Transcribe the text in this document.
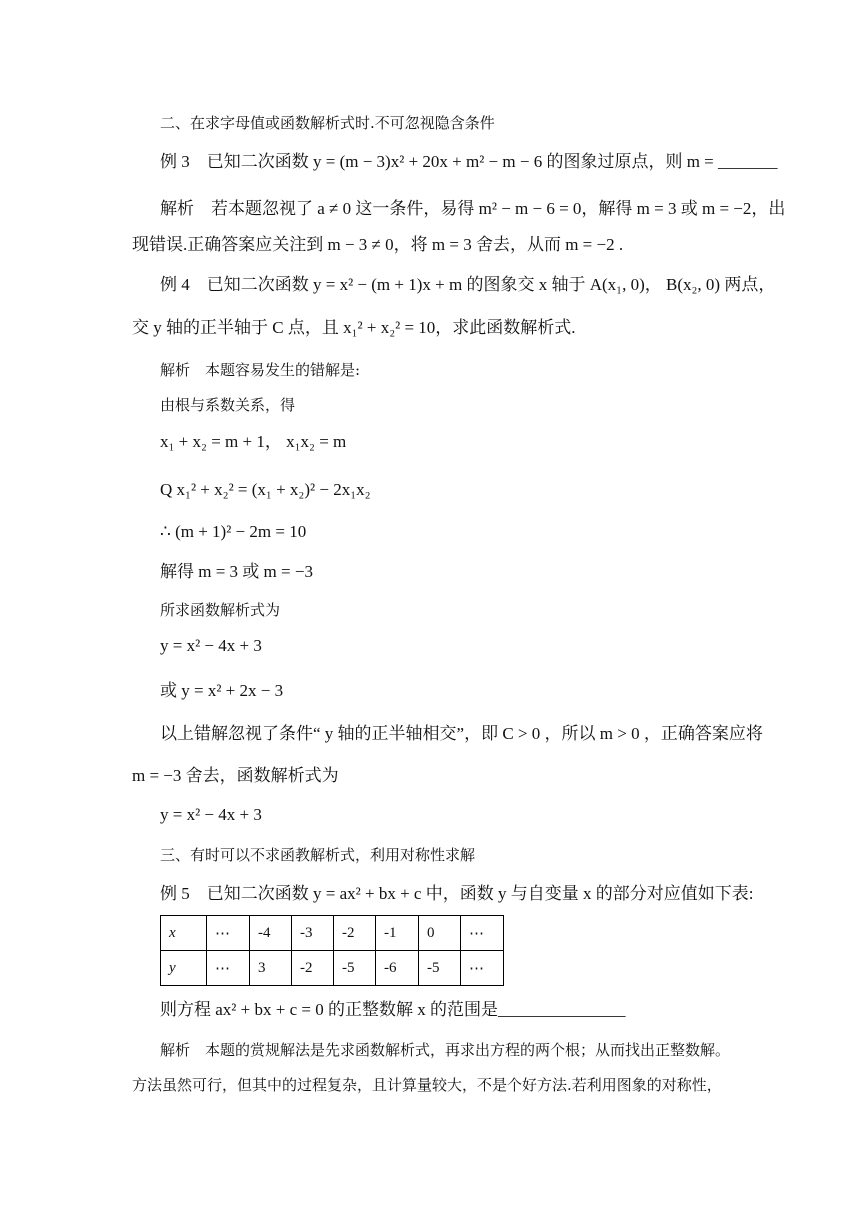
二、在求字母值或函数解析式时.不可忽视隐含条件
例 3　已知二次函数 y = (m − 3)x² + 20x + m² − m − 6 的图象过原点，则 m = _______
解析　若本题忽视了 a ≠ 0 这一条件，易得 m² − m − 6 = 0，解得 m = 3 或 m = −2，出
现错误.正确答案应关注到 m − 3 ≠ 0，将 m = 3 舍去，从而 m = −2 .
例 4　已知二次函数 y = x² − (m + 1)x + m 的图象交 x 轴于 A(x₁, 0)， B(x₂, 0) 两点，
交 y 轴的正半轴于 C 点，且 x₁² + x₂² = 10，求此函数解析式.
解析　本题容易发生的错解是:
由根与系数关系，得
x₁ + x₂ = m + 1， x₁x₂ = m
Q x₁² + x₂² = (x₁ + x₂)² − 2x₁x₂
∴ (m + 1)² − 2m = 10
解得 m = 3 或 m = −3
所求函数解析式为
y = x² − 4x + 3
或 y = x² + 2x − 3
以上错解忽视了条件“ y 轴的正半轴相交”，即 C > 0 ，所以 m > 0 ，正确答案应将
m = −3 舍去，函数解析式为
y = x² − 4x + 3
三、有时可以不求函教解析式，利用对称性求解
例 5　已知二次函数 y = ax² + bx + c 中，函数 y 与自变量 x 的部分对应值如下表:
x	⋯	-4	-3	-2	-1	0	⋯
y	⋯	3	-2	-5	-6	-5	⋯
则方程 ax² + bx + c = 0 的正整数解 x 的范围是_______________
解析　本题的赏规解法是先求函数解析式，再求出方程的两个根；从而找出正整数解。
方法虽然可行，但其中的过程复杂，且计算量较大，不是个好方法.若利用图象的对称性，
